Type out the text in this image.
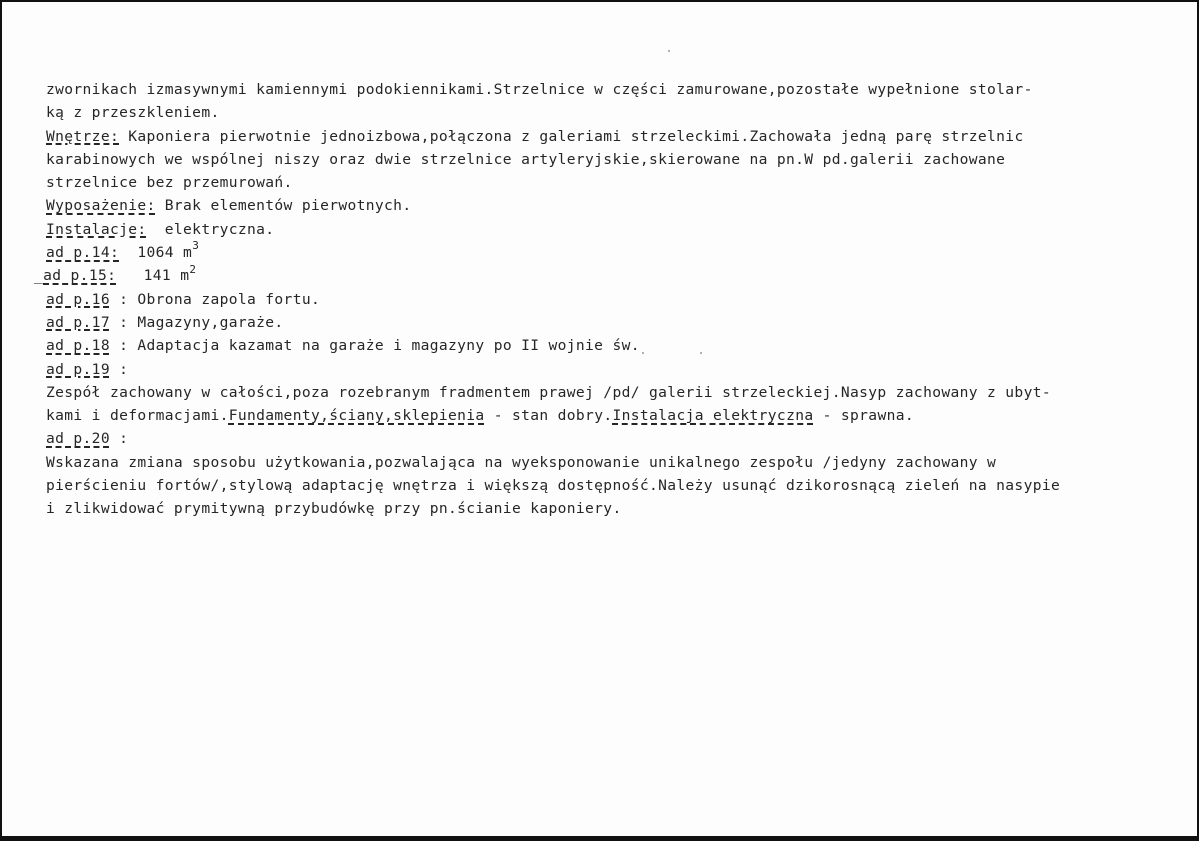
zwornikach izmasywnymi kamiennymi podokiennikami.Strzelnice w części zamurowane,pozostałe wypełnione stolar-
ką z przeszkleniem.
Wnętrze: Kaponiera pierwotnie jednoizbowa,połączona z galeriami strzeleckimi.Zachowała jedną parę strzelnic
karabinowych we wspólnej niszy oraz dwie strzelnice artyleryjskie,skierowane na pn.W pd.galerii zachowane
strzelnice bez przemurowań.
Wyposażenie: Brak elementów pierwotnych.
Instalacje:  elektryczna.
ad p.14:  1064 $m^3$
_ad p.15:   141 $m^2$
ad p.16 : Obrona zapola fortu.
ad p.17 : Magazyny,garaże.
ad p.18 : Adaptacja kazamat na garaże i magazyny po II wojnie św.
ad p.19 :
Zespół zachowany w całości,poza rozebranym fradmentem prawej /pd/ galerii strzeleckiej.Nasyp zachowany z ubyt-
kami i deformacjami.Fundamenty,ściany,sklepienia - stan dobry.Instalacja elektryczna - sprawna.
ad p.20 :
Wskazana zmiana sposobu użytkowania,pozwalająca na wyeksponowanie unikalnego zespołu /jedyny zachowany w
pierścieniu fortów/,stylową adaptację wnętrza i większą dostępność.Należy usunąć dzikorosnącą zieleń na nasypie
i zlikwidować prymitywną przybudówkę przy pn.ścianie kaponiery.
